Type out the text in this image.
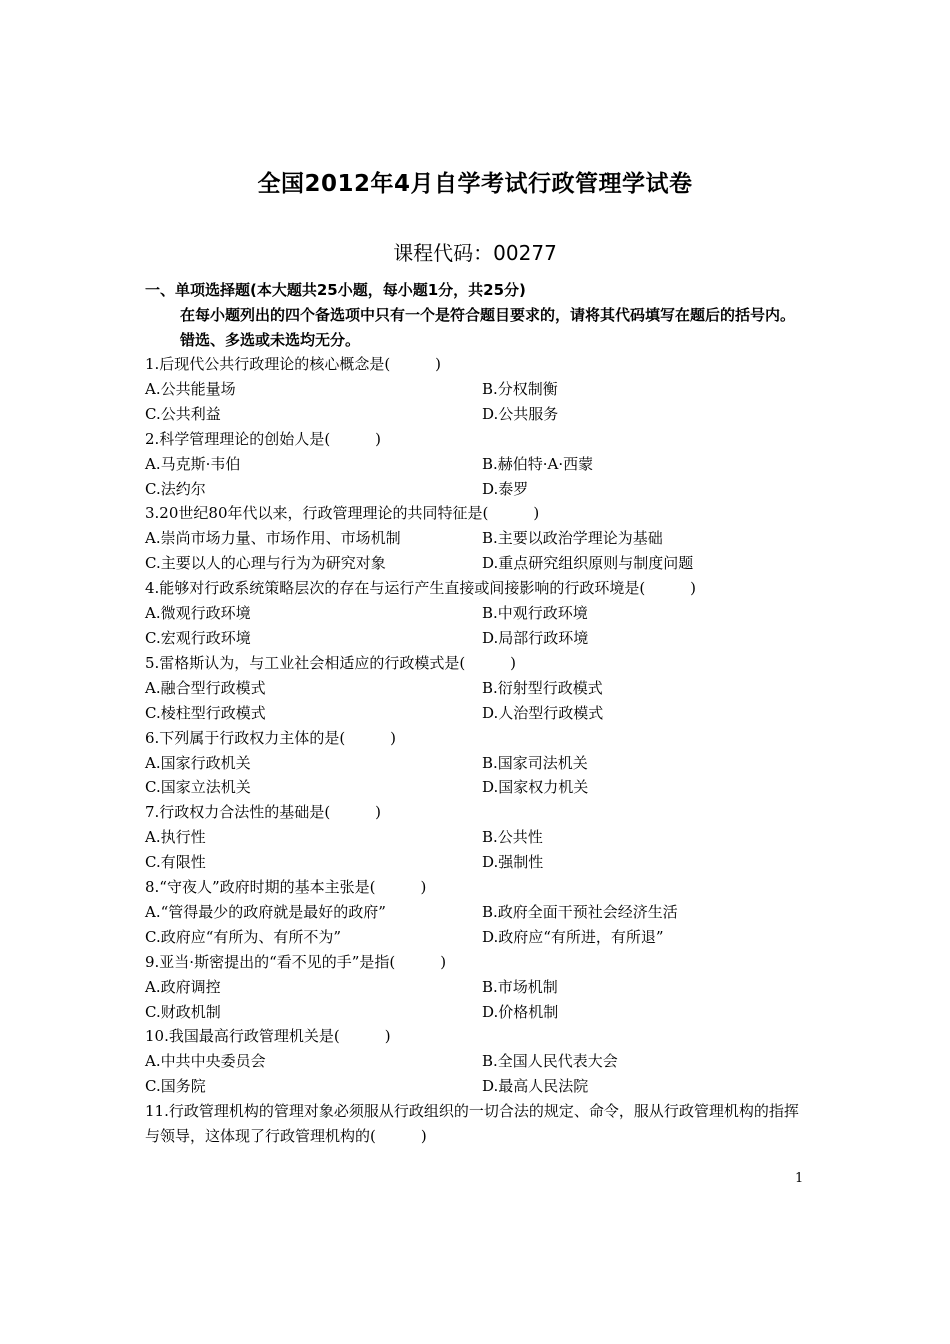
全国2012年4月自学考试行政管理学试卷
课程代码：00277
一、单项选择题(本大题共25小题，每小题1分，共25分)
在每小题列出的四个备选项中只有一个是符合题目要求的，请将其代码填写在题后的括号内。错选、多选或未选均无分。
1.后现代公共行政理论的核心概念是(　　　)
A.公共能量场	B.分权制衡
C.公共利益	D.公共服务
2.科学管理理论的创始人是(　　　)
A.马克斯·韦伯	B.赫伯特·A·西蒙
C.法约尔	D.泰罗
3.20世纪80年代以来，行政管理理论的共同特征是(　　　)
A.崇尚市场力量、市场作用、市场机制	B.主要以政治学理论为基础
C.主要以人的心理与行为为研究对象	D.重点研究组织原则与制度问题
4.能够对行政系统策略层次的存在与运行产生直接或间接影响的行政环境是(　　　)
A.微观行政环境	B.中观行政环境
C.宏观行政环境	D.局部行政环境
5.雷格斯认为，与工业社会相适应的行政模式是(　　　)
A.融合型行政模式	B.衍射型行政模式
C.棱柱型行政模式	D.人治型行政模式
6.下列属于行政权力主体的是(　　　)
A.国家行政机关	B.国家司法机关
C.国家立法机关	D.国家权力机关
7.行政权力合法性的基础是(　　　)
A.执行性	B.公共性
C.有限性	D.强制性
8.“守夜人”政府时期的基本主张是(　　　)
A.“管得最少的政府就是最好的政府”	B.政府全面干预社会经济生活
C.政府应“有所为、有所不为”	D.政府应“有所进，有所退”
9.亚当·斯密提出的“看不见的手”是指(　　　)
A.政府调控	B.市场机制
C.财政机制	D.价格机制
10.我国最高行政管理机关是(　　　)
A.中共中央委员会	B.全国人民代表大会
C.国务院	D.最高人民法院
11.行政管理机构的管理对象必须服从行政组织的一切合法的规定、命令，服从行政管理机构的指挥与领导，这体现了行政管理机构的(　　　)
1
